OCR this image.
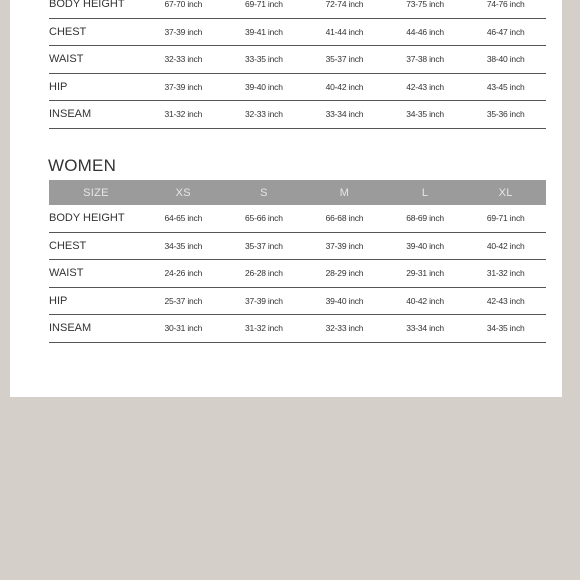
BODY HEIGHT	67-70 inch	69-71 inch	72-74 inch	73-75 inch	74-76 inch
CHEST	37-39 inch	39-41 inch	41-44 inch	44-46 inch	46-47 inch
WAIST	32-33 inch	33-35 inch	35-37 inch	37-38 inch	38-40 inch
HIP	37-39 inch	39-40 inch	40-42 inch	42-43 inch	43-45 inch
INSEAM	31-32 inch	32-33 inch	33-34 inch	34-35 inch	35-36 inch
WOMEN
SIZE	XS	S	M	L	XL
BODY HEIGHT	64-65 inch	65-66 inch	66-68 inch	68-69 inch	69-71 inch
CHEST	34-35 inch	35-37 inch	37-39 inch	39-40 inch	40-42 inch
WAIST	24-26 inch	26-28 inch	28-29 inch	29-31 inch	31-32 inch
HIP	25-37 inch	37-39 inch	39-40 inch	40-42 inch	42-43 inch
INSEAM	30-31 inch	31-32 inch	32-33 inch	33-34 inch	34-35 inch
